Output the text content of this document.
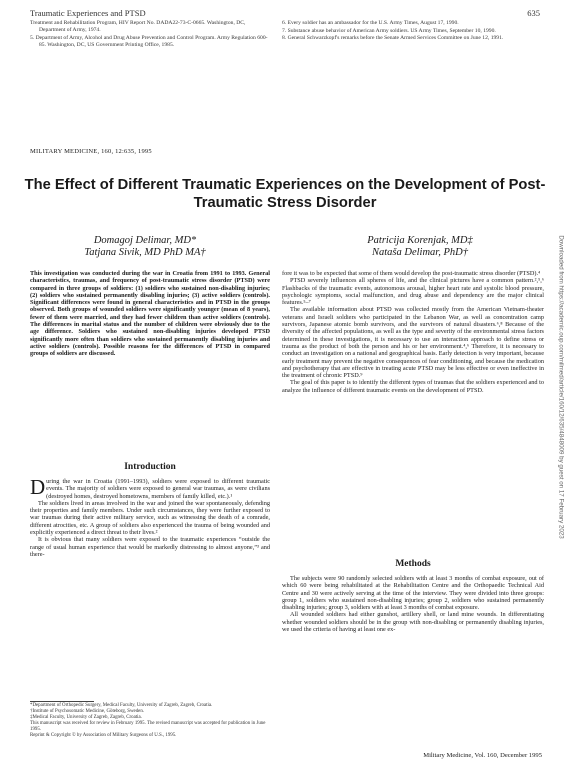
Traumatic Experiences and PTSD	635

Treatment and Rehabilitation Program, HIV Report No. DADA22-73-C-0665. Washington, DC, Department of Army, 1974.

5. Department of Army, Alcohol and Drug Abuse Prevention and Control Program. Army Regulation 600-85. Washington, DC, US Government Printing Office, 1985.

6. Every soldier has an ambassador for the U.S. Army Times, August 17, 1990.

7. Substance abuse behavior of American Army soldiers. US Army Times, September 10, 1990.

8. General Schwarzkopf's remarks before the Senate Armed Services Committee on June 12, 1991.

MILITARY MEDICINE, 160, 12:635, 1995
The Effect of Different Traumatic Experiences on the Development of Post-Traumatic Stress Disorder
Domagoj Delimar, MD*
Tatjana Sivik, MD PhD MA†
Patricija Korenjak, MD‡
Nataša Delimar, PhD†

This investigation was conducted during the war in Croatia from 1991 to 1993. General characteristics, traumas, and frequency of post-traumatic stress disorder (PTSD) were compared in three groups of soldiers: (1) soldiers who sustained non-disabling injuries; (2) soldiers who sustained permanently disabling injuries; (3) active soldiers (controls). Significant differences were found in general characteristics and in PTSD in the groups observed. Both groups of wounded soldiers were significantly younger (mean of 8 years), fewer of them were married, and they had fewer children than active soldiers (controls). The differences in marital status and the number of children were obviously due to the age difference. Soldiers who sustained non-disabling injuries developed PTSD significantly more often than soldiers who sustained permanently disabling injuries and active soldiers (controls). Possible reasons for the differences of PTSD in compared groups of soldiers are discussed.

Introduction

During the war in Croatia (1991–1993), soldiers were exposed to different traumatic events. The majority of soldiers were exposed to general war traumas, as were civilians (destroyed homes, destroyed hometowns, members of family killed, etc.).¹

The soldiers lived in areas involved in the war and joined the war spontaneously, defending their properties and family members. Under such circumstances, they were further exposed to war traumas during their active military service, such as witnessing the death of a comrade, different atrocities, etc. A group of soldiers also experienced the trauma of being wounded and explicitly experienced a direct threat to their lives.²

It is obvious that many soldiers were exposed to the traumatic experiences “outside the range of usual human experience that would be markedly distressing to almost anyone,”³ and there-

*Department of Orthopedic Surgery, Medical Faculty, University of Zagreb, Zagreb, Croatia.

†Institute of Psychosomatic Medicine, Göteborg, Sweden.

‡Medical Faculty, University of Zagreb, Zagreb, Croatia.

This manuscript was received for review in February 1995. The revised manuscript was accepted for publication in June 1995.

Reprint & Copyright © by Association of Military Surgeons of U.S., 1995.

fore it was to be expected that some of them would develop the post-traumatic stress disorder (PTSD).⁴

PTSD severely influences all spheres of life, and the clinical pictures have a common pattern.²,⁵,⁶ Flashbacks of the traumatic events, autonomous arousal, higher heart rate and systolic blood pressure, psychologic symptoms, social malfunction, and drug abuse and dependency are the major clinical features.⁵–⁷

The available information about PTSD was collected mostly from the American Vietnam-theater veterans and Israeli soldiers who participated in the Lebanon War, as well as concentration camp survivors, Japanese atomic bomb survivors, and the survivors of natural disasters.⁶,⁸ Because of the diversity of the affected populations, as well as the type and severity of the environmental stress factors determined in these investigations, it is necessary to use an interaction approach to define stress or trauma as the product of both the person and his or her environment.⁴,⁶ Therefore, it is necessary to conduct an investigation on a national and geographical basis. Early detection is very important, because early treatment may prevent the negative consequences of fear conditioning, and because the medication and psychotherapy that are effective in treating acute PTSD may be less effective or even ineffective in the treatment of chronic PTSD.⁹

The goal of this paper is to identify the different types of traumas that the soldiers experienced and to analyze the influence of different traumatic events on the development of PTSD.

Methods

The subjects were 90 randomly selected soldiers with at least 3 months of combat exposure, out of which 60 were being rehabilitated at the Rehabilitation Centre and the Orthopaedic Technical Aid Centre and 30 were actively serving at the time of the interview. They were divided into three groups: group 1, soldiers who sustained non-disabling injuries; group 2, soldiers who sustained permanently disabling injuries; group 3, soldiers with at least 3 months of combat exposure.

All wounded soldiers had either gunshot, artillery shell, or land mine wounds. In differentiating whether wounded soldiers should be in the group with non-disabling or permanently disabling injuries, we used the criteria of having at least one ex-

Military Medicine, Vol. 160, December 1995
Downloaded from https://academic.oup.com/milmed/article/160/12/635/4848009 by guest on 17 February 2023
